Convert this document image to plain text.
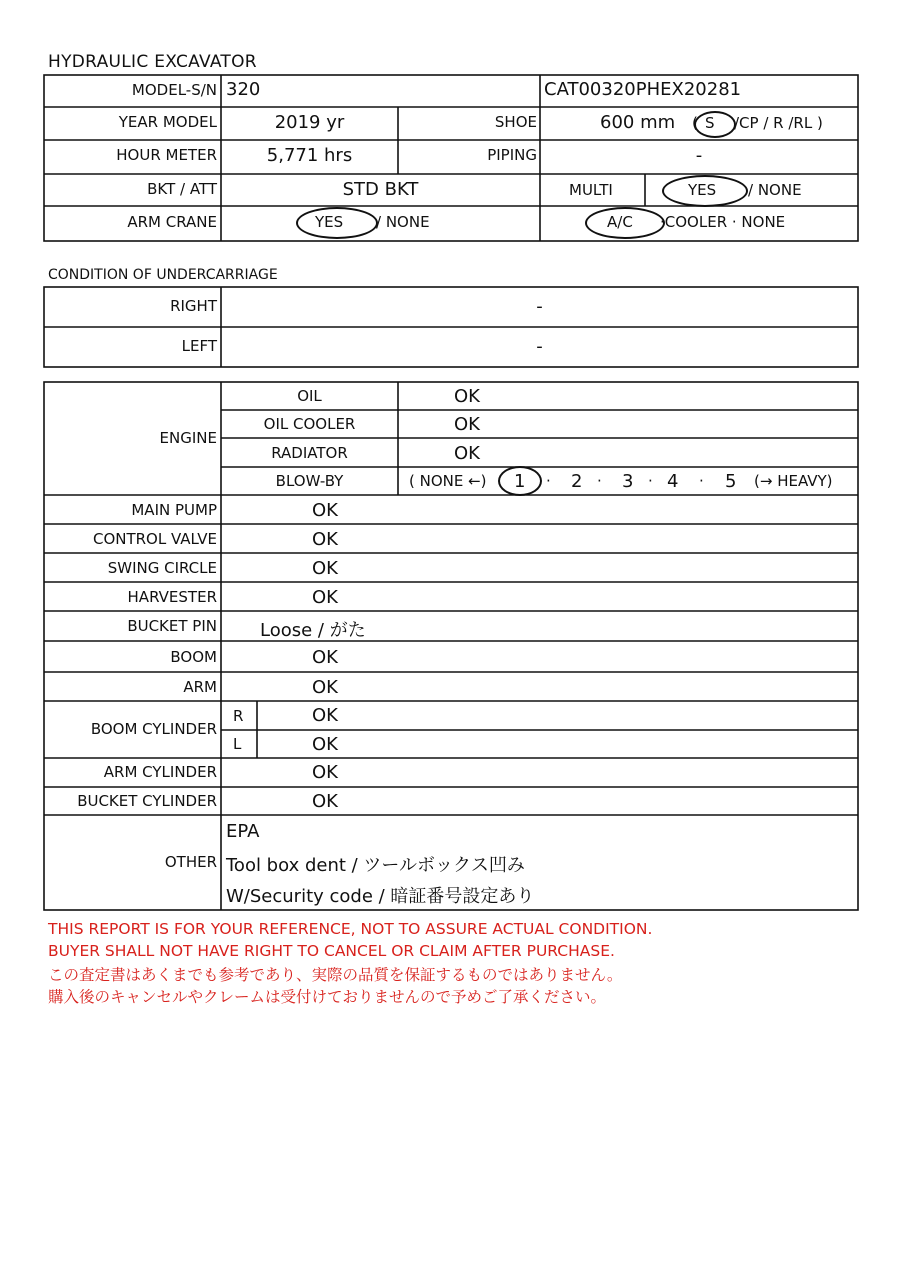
HYDRAULIC EXCAVATOR
MODEL-S/N 320	CAT00320PHEX20281
YEAR MODEL	2019 yr	SHOE	600 mm ( S /CP / R /RL )
HOUR METER	5,771 hrs	PIPING	-
BKT / ATT	STD BKT	MULTI	YES / NONE
ARM CRANE	YES / NONE	A/C ·COOLER · NONE
CONDITION OF UNDERCARRIAGE
RIGHT	-
LEFT	-
ENGINE
OIL	OK
OIL COOLER	OK
RADIATOR	OK
BLOW-BY	( NONE ←) 1 · 2 · 3 · 4 · 5 (→ HEAVY)
MAIN PUMP	OK
CONTROL VALVE	OK
SWING CIRCLE	OK
HARVESTER	OK
BUCKET PIN Loose / がた
BOOM	OK
ARM	OK
BOOM CYLINDER
R	OK
L	OK
ARM CYLINDER	OK
BUCKET CYLINDER	OK
OTHER
EPA
Tool box dent / ツールボックス凹み
W/Security code / 暗証番号設定あり
THIS REPORT IS FOR YOUR REFERENCE, NOT TO ASSURE ACTUAL CONDITION.
BUYER SHALL NOT HAVE RIGHT TO CANCEL OR CLAIM AFTER PURCHASE.
この査定書はあくまでも参考であり、実際の品質を保証するものではありません。
購入後のキャンセルやクレームは受付けておりませんので予めご了承ください。
